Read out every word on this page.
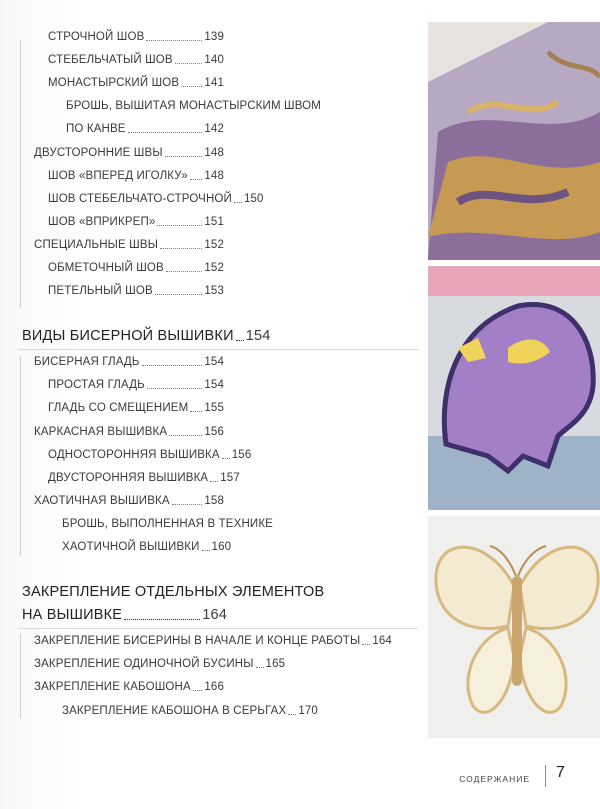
СТРОЧНОЙ ШОВ	139
СТЕБЕЛЬЧАТЫЙ ШОВ	140
МОНАСТЫРСКИЙ ШОВ 141
БРОШЬ, ВЫШИТАЯ МОНАСТЫРСКИМ ШВОМ
ПО КАНВЕ	142
ДВУСТОРОННИЕ ШВЫ	148
ШОВ «ВПЕРЕД ИГОЛКУ» 148
ШОВ СТЕБЕЛЬЧАТО-СТРОЧНОЙ 150
ШОВ «ВПРИКРЕП»	151
СПЕЦИАЛЬНЫЕ ШВЫ	152
ОБМЕТОЧНЫЙ ШОВ	152
ПЕТЕЛЬНЫЙ ШОВ	153
ВИДЫ БИСЕРНОЙ ВЫШИВКИ 154
БИСЕРНАЯ ГЛАДЬ	154
ПРОСТАЯ ГЛАДЬ	154
ГЛАДЬ СО СМЕЩЕНИЕМ 155
КАРКАСНАЯ ВЫШИВКА	156
ОДНОСТОРОННЯЯ ВЫШИВКА 156
ДВУСТОРОННЯЯ ВЫШИВКА 157
ХАОТИЧНАЯ ВЫШИВКА	158
БРОШЬ, ВЫПОЛНЕННАЯ В ТЕХНИКЕ
ХАОТИЧНОЙ ВЫШИВКИ 160
ЗАКРЕПЛЕНИЕ ОТДЕЛЬНЫХ ЭЛЕМЕНТОВ
НА ВЫШИВКЕ	164
ЗАКРЕПЛЕНИЕ БИСЕРИНЫ В НАЧАЛЕ И КОНЦЕ РАБОТЫ 164
ЗАКРЕПЛЕНИЕ ОДИНОЧНОЙ БУСИНЫ 165
ЗАКРЕПЛЕНИЕ КАБОШОНА 166
ЗАКРЕПЛЕНИЕ КАБОШОНА В СЕРЬГАХ 170
СОДЕРЖАНИЕ 7
